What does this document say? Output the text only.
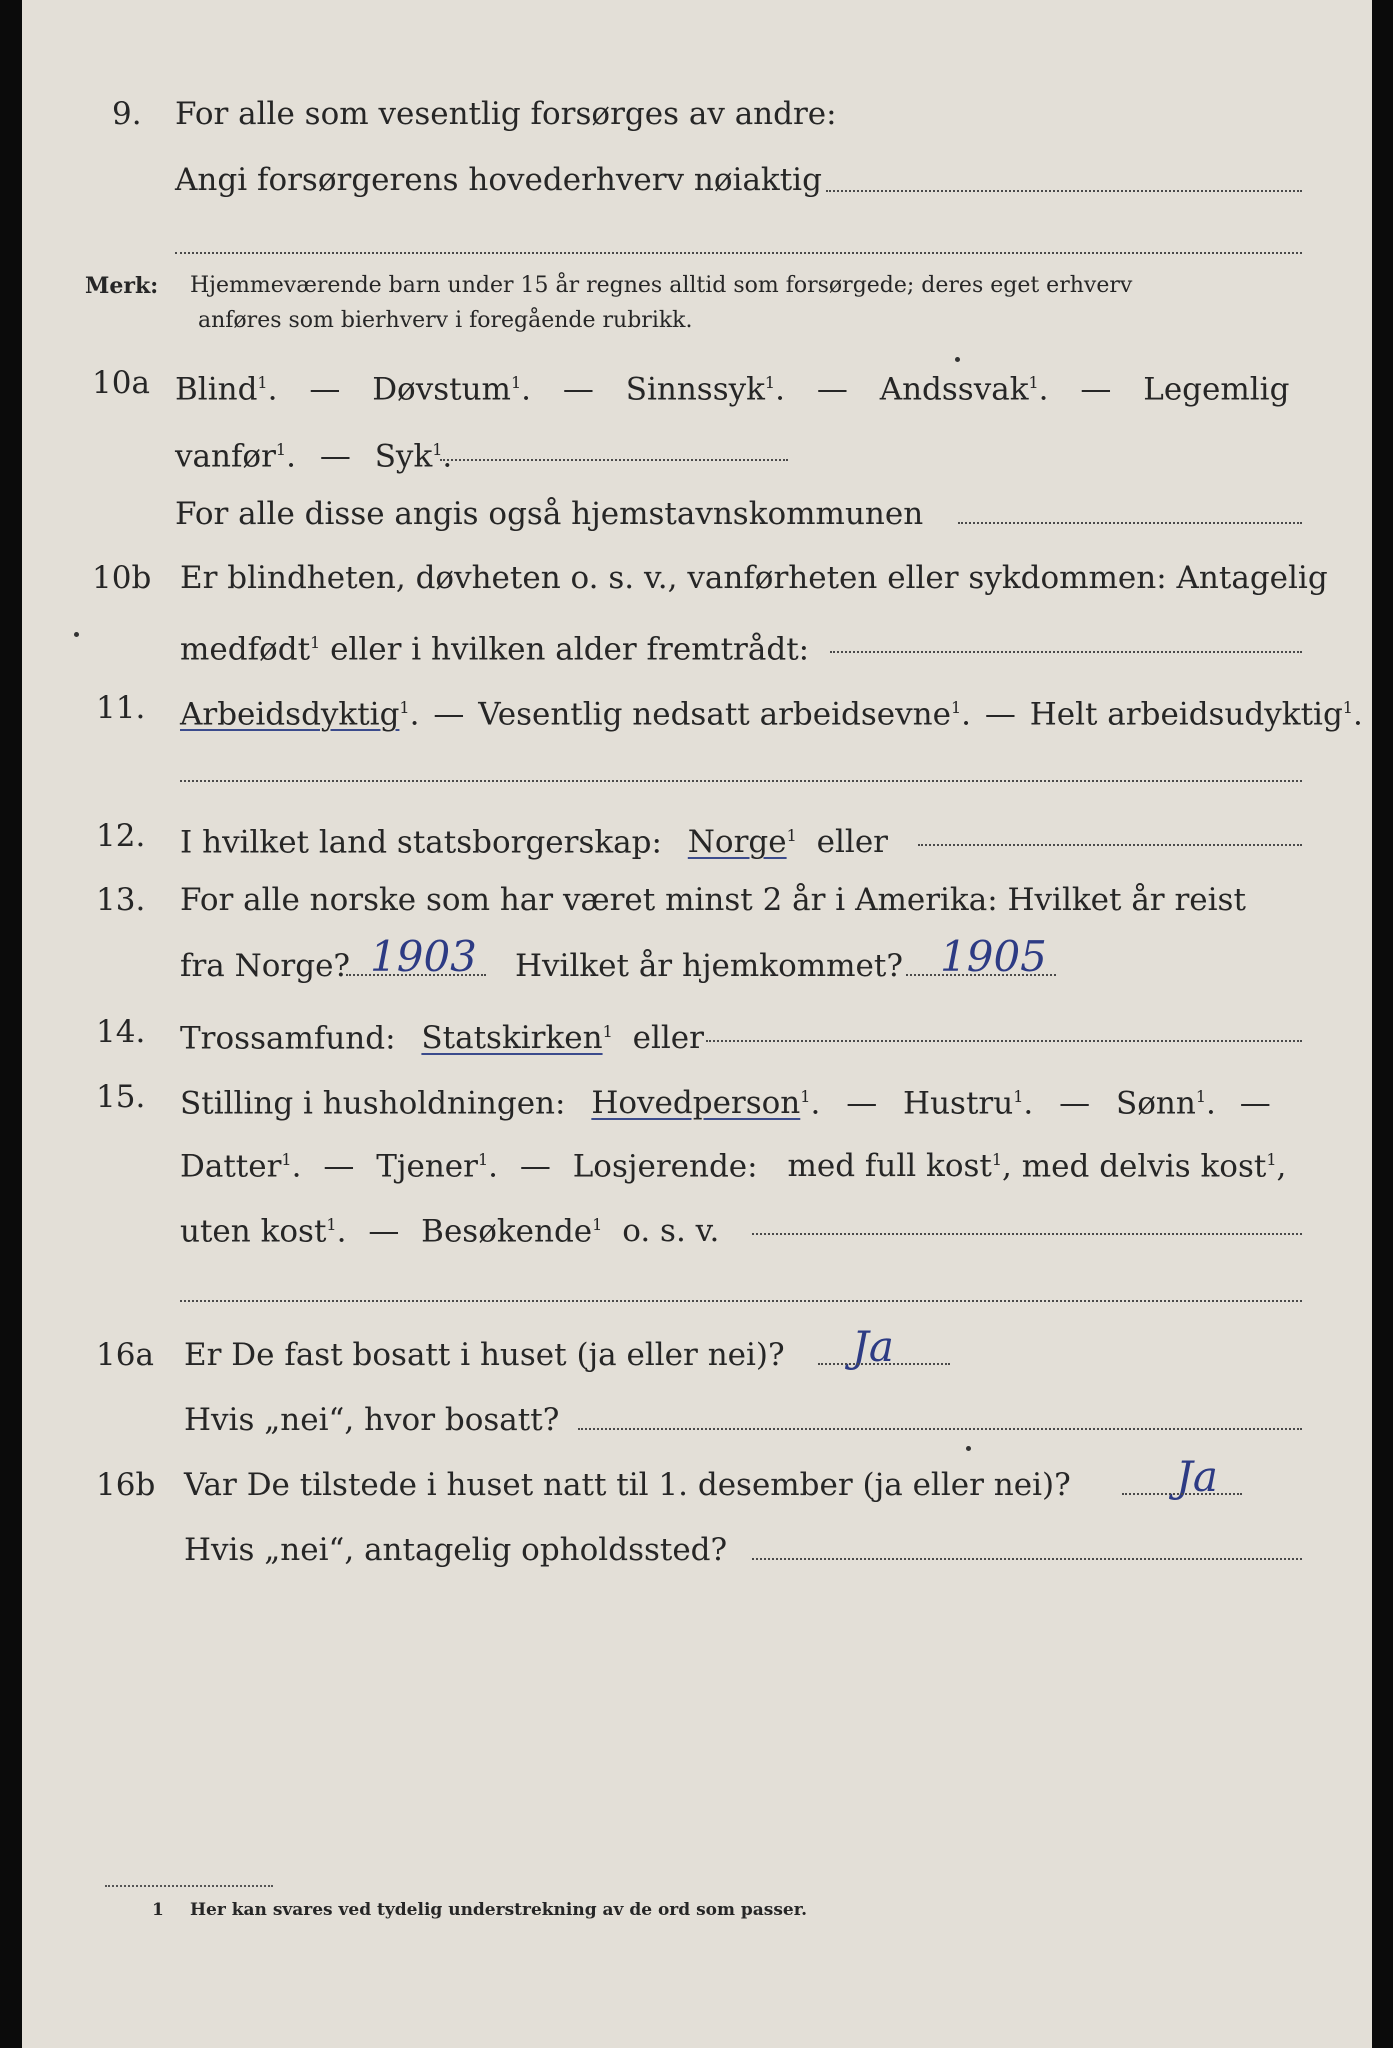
9. For alle som vesentlig forsørges av andre:
Angi forsørgerens hovederhverv nøiaktig
Merk: Hjemmeværende barn under 15 år regnes alltid som forsørgede; deres eget erhverv
anføres som bierhverv i foregående rubrikk.
10a Blind$^1$. — Døvstum$^1$. — Sinnssyk$^1$. — Andssvak$^1$. — Legemlig
vanfør$^1$. — Syk$^1$.
For alle disse angis også hjemstavnskommunen
10b Er blindheten, døvheten o. s. v., vanførheten eller sykdommen: Antagelig
medfødt$^1$ eller i hvilken alder fremtrådt:
11. Arbeidsdyktig$^1$. — Vesentlig nedsatt arbeidsevne$^1$. — Helt arbeidsudyktig$^1$.
12. I hvilket land statsborgerskap: Norge$^1$ eller
13. For alle norske som har været minst 2 år i Amerika: Hvilket år reist
fra Norge? 1903 Hvilket år hjemkommet? 1905
14. Trossamfund: Statskirken$^1$ eller
15. Stilling i husholdningen: Hovedperson$^1$. — Hustru$^1$. — Sønn$^1$. —
Datter$^1$. — Tjener$^1$. — Losjerende: med full kost$^1$, med delvis kost$^1$,
uten kost$^1$. — Besøkende$^1$ o. s. v.
16a Er De fast bosatt i huset (ja eller nei)? Ja
Hvis „nei“, hvor bosatt?
16b Var De tilstede i huset natt til 1. desember (ja eller nei)?	Ja
Hvis „nei“, antagelig opholdssted?
1 Her kan svares ved tydelig understrekning av de ord som passer.
